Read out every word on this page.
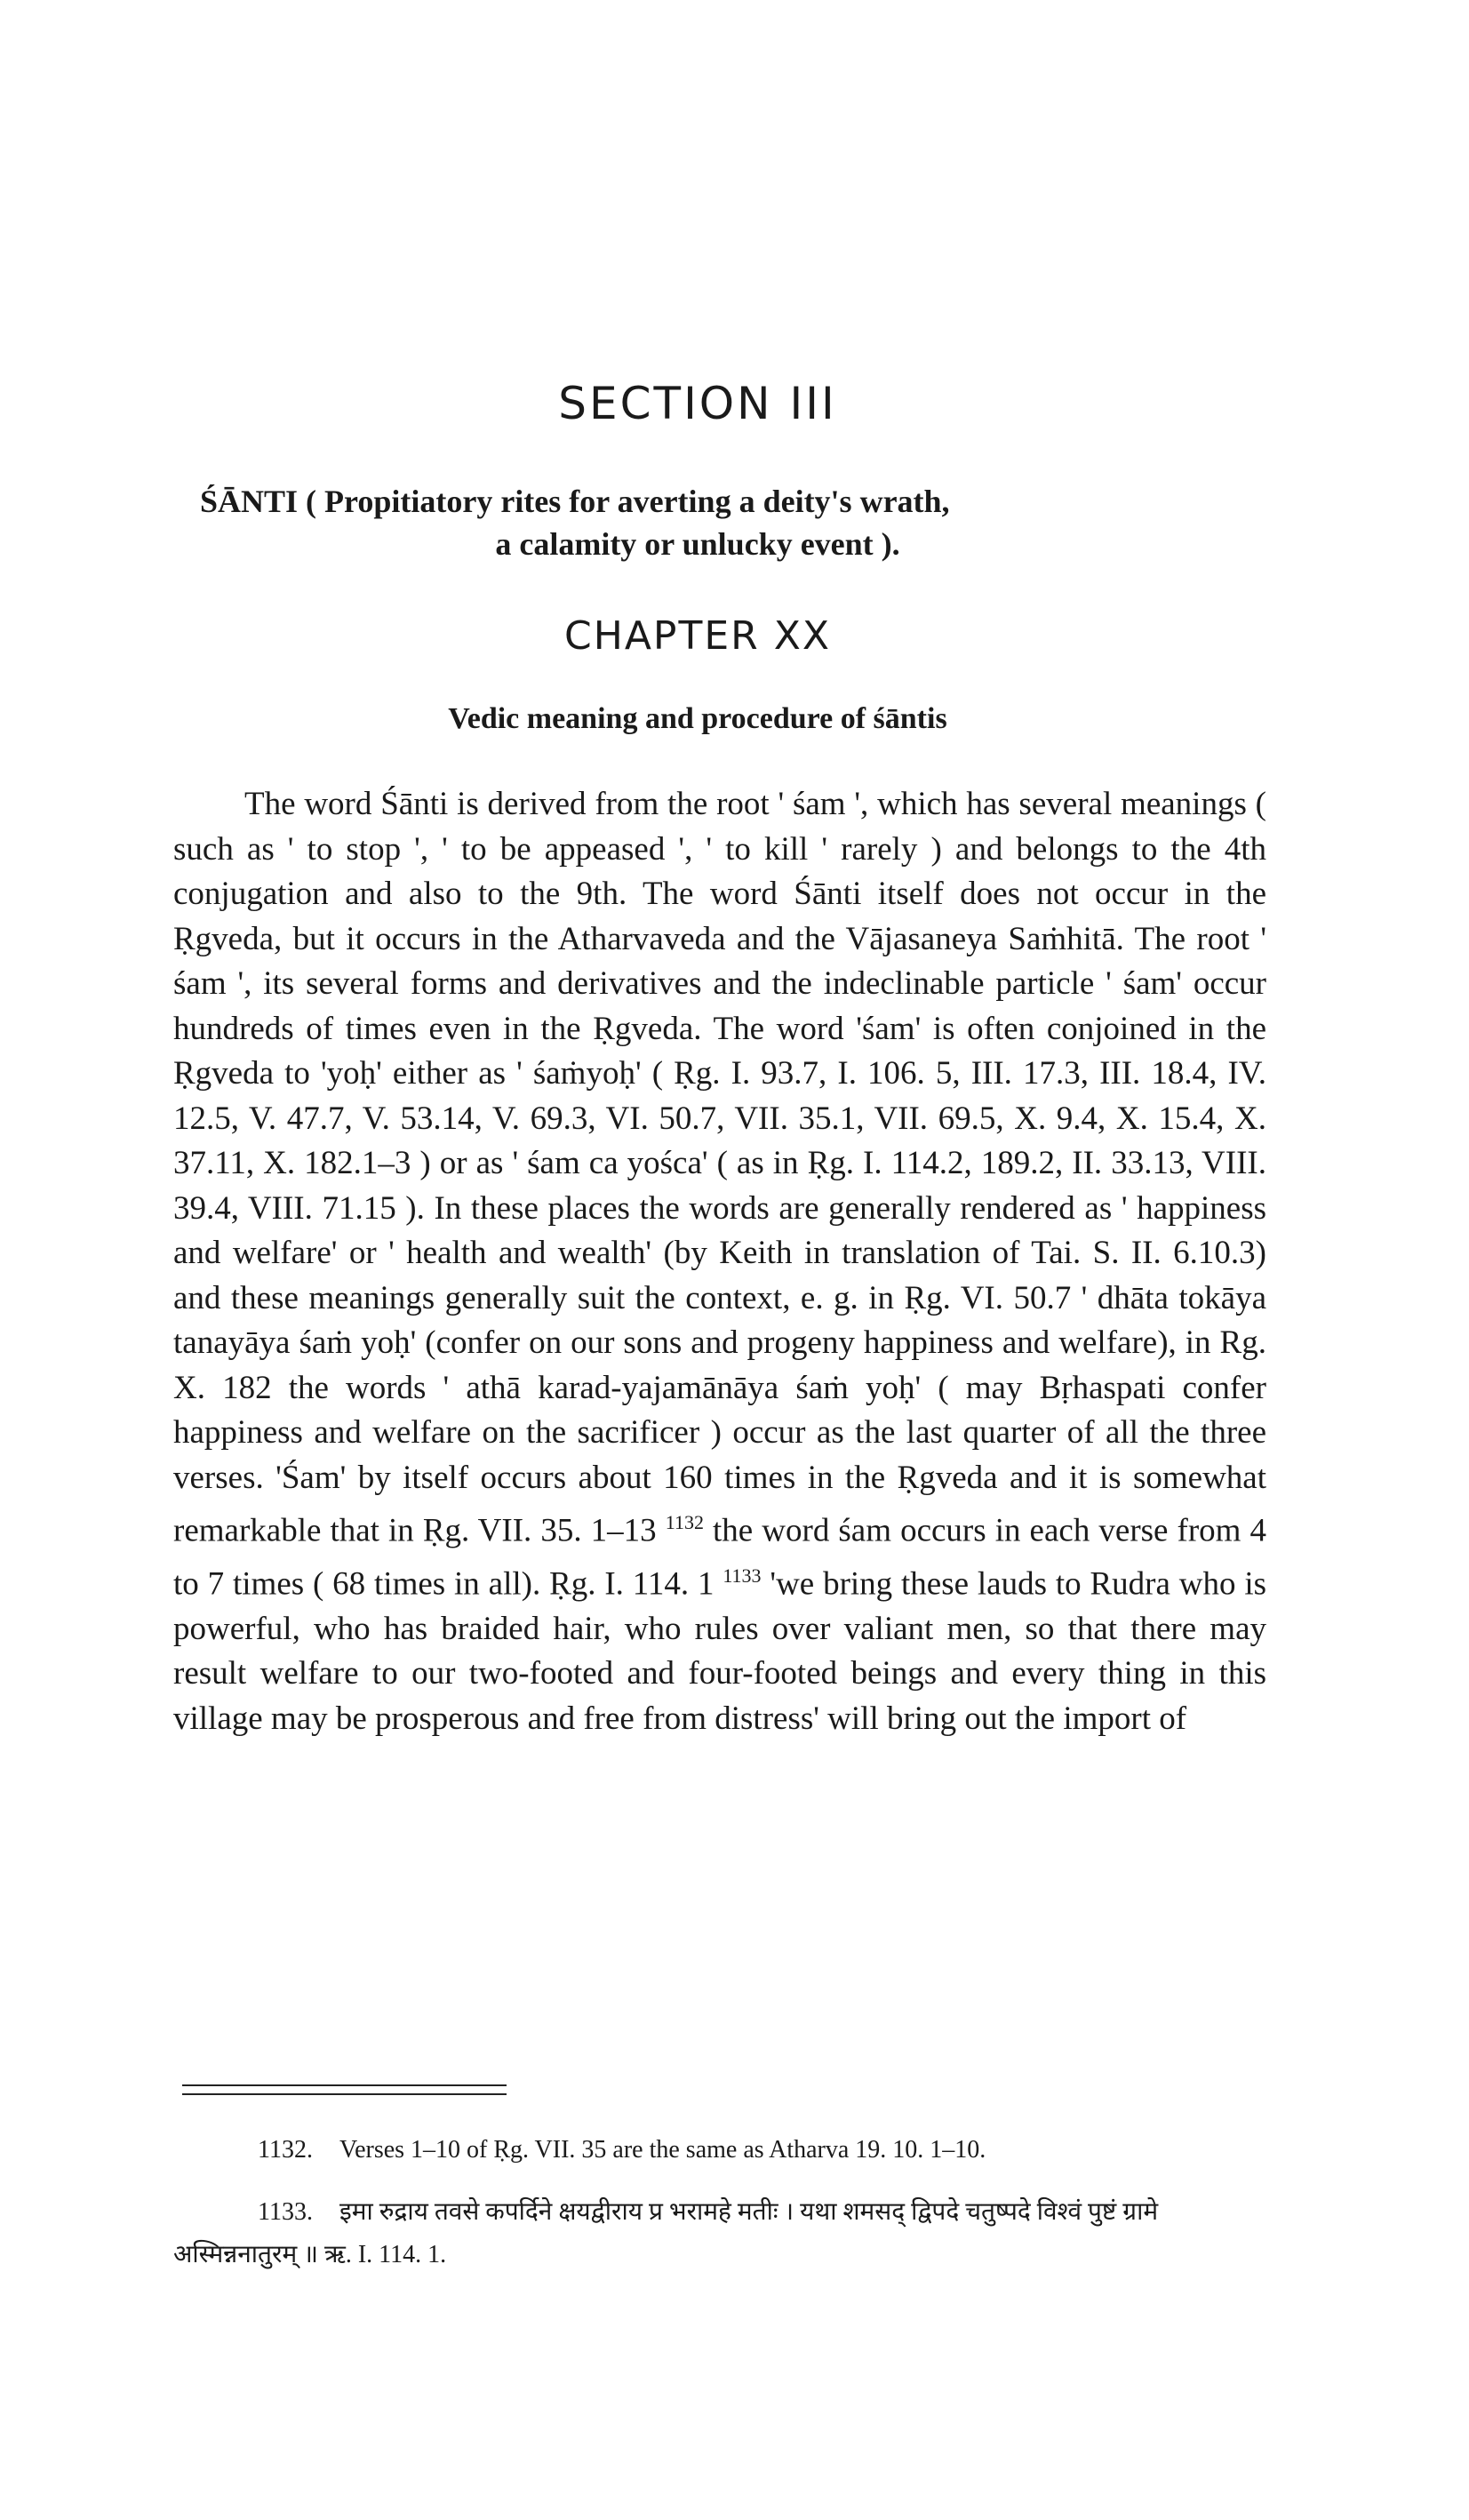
SECTION III
ŚĀNTI ( Propitiatory rites for averting a deity's wrath,
a calamity or unlucky event ).
CHAPTER XX
Vedic meaning and procedure of śāntis

The word Śānti is derived from the root ' śam ', which has several meanings ( such as ' to stop ', ' to be appeased ', ' to kill ' rarely ) and belongs to the 4th conjugation and also to the 9th. The word Śānti itself does not occur in the Ṛgveda, but it occurs in the Atharvaveda and the Vājasaneya Saṁhitā. The root ' śam ', its several forms and derivatives and the indeclinable particle ' śam' occur hundreds of times even in the Ṛgveda. The word 'śam' is often conjoined in the Ṛgveda to 'yoḥ' either as ' śaṁyoḥ' ( Ṛg. I. 93.7, I. 106. 5, III. 17.3, III. 18.4, IV. 12.5, V. 47.7, V. 53.14, V. 69.3, VI. 50.7, VII. 35.1, VII. 69.5, X. 9.4, X. 15.4, X. 37.11, X. 182.1–3 ) or as ' śam ca yośca' ( as in Ṛg. I. 114.2, 189.2, II. 33.13, VIII. 39.4, VIII. 71.15 ). In these places the words are generally rendered as ' happiness and welfare' or ' health and wealth' (by Keith in translation of Tai. S. II. 6.10.3) and these meanings generally suit the context, e. g. in Ṛg. VI. 50.7 ' dhāta tokāya tanayāya śaṁ yoḥ' (confer on our sons and progeny happiness and welfare), in Rg. X. 182 the words ' athā karad-yajamānāya śaṁ yoḥ' ( may Bṛhaspati confer happiness and welfare on the sacrificer ) occur as the last quarter of all the three verses. 'Śam' by itself occurs about 160 times in the Ṛgveda and it is somewhat remarkable that in Ṛg. VII. 35. 1–13 $^{1132}$ the word śam occurs in each verse from 4 to 7 times ( 68 times in all). Ṛg. I. 114. 1 $^{1133}$ 'we bring these lauds to Rudra who is powerful, who has braided hair, who rules over valiant men, so that there may result welfare to our two-footed and four-footed beings and every thing in this village may be prosperous and free from distress' will bring out the import of

1132. Verses 1–10 of Ṛg. VII. 35 are the same as Atharva 19. 10. 1–10.

1133. इमा रुद्राय तवसे कपर्दिने क्षयद्वीराय प्र भरामहे मतीः । यथा शमसद् द्विपदे चतुष्पदे विश्वं पुष्टं ग्रामे अस्मिन्ननातुरम् ॥ ऋ. I. 114. 1.
